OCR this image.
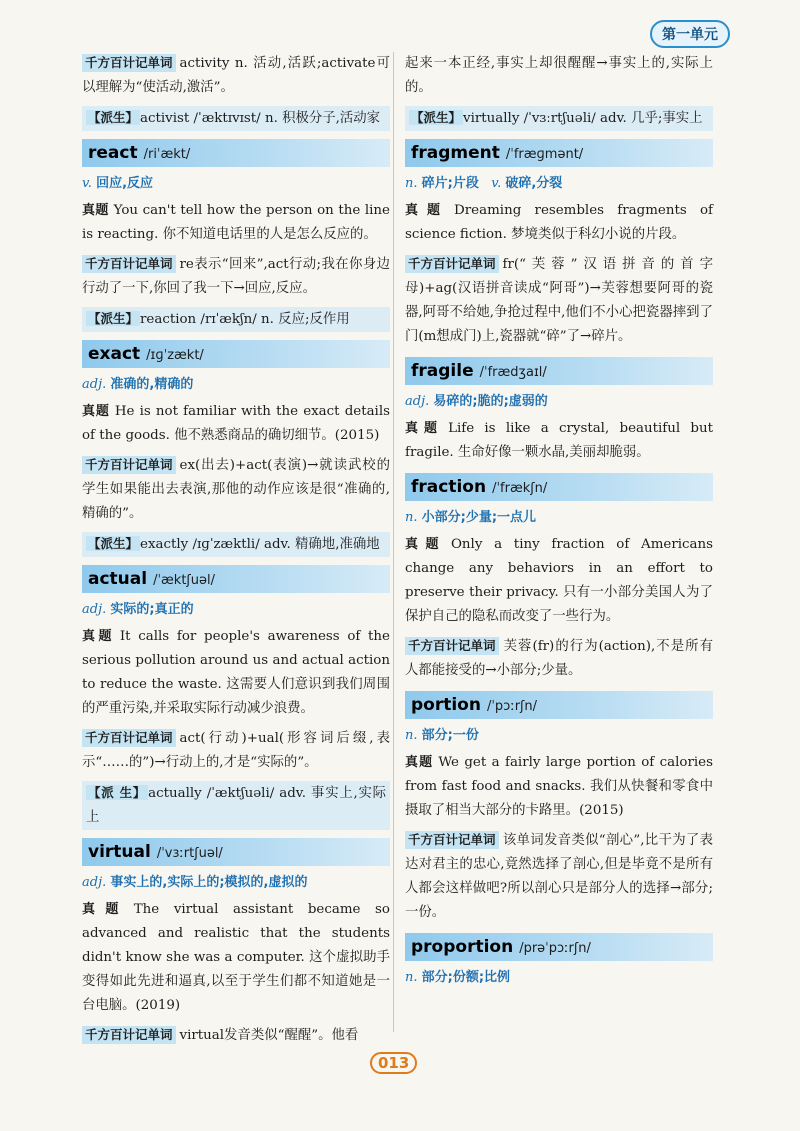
第一单元

千方百计记单词 activity n. 活动,活跃;activate可以理解为“使活动,激活”。

【派生】 activist /ˈæktɪvɪst/ n. 积极分子,活动家

react /riˈækt/
v. 回应,反应

真题 You can't tell how the person on the line is reacting. 你不知道电话里的人是怎么反应的。

千方百计记单词 re表示“回来”,act行动;我在你身边行动了一下,你回了我一下→回应,反应。

【派生】 reaction /rɪˈækʃn/ n. 反应;反作用

exact /ɪɡˈzækt/
adj. 准确的,精确的

真题 He is not familiar with the exact details of the goods. 他不熟悉商品的确切细节。(2015)

千方百计记单词 ex(出去)+act(表演)→就读武校的学生如果能出去表演,那他的动作应该是很“准确的,精确的”。

【派生】 exactly /ɪɡˈzæktli/ adv. 精确地,准确地

actual /ˈæktʃuəl/
adj. 实际的;真正的

真题 It calls for people's awareness of the serious pollution around us and actual action to reduce the waste. 这需要人们意识到我们周围的严重污染,并采取实际行动减少浪费。

千方百计记单词 act(行动)+ual(形容词后缀,表示“……的”)→行动上的,才是“实际的”。

【派 生】 actually /ˈæktʃuəli/ adv. 事实上,实际上

virtual /ˈvɜːrtʃuəl/
adj. 事实上的,实际上的;模拟的,虚拟的

真题 The virtual assistant became so advanced and realistic that the students didn't know she was a computer. 这个虚拟助手变得如此先进和逼真,以至于学生们都不知道她是一台电脑。(2019)

千方百计记单词 virtual发音类似“醒醒”。他看

起来一本正经,事实上却很醒醒→事实上的,实际上的。

【派生】 virtually /ˈvɜːrtʃuəli/ adv. 几乎;事实上

fragment /ˈfræɡmənt/
n. 碎片;片段 v. 破碎,分裂

真题 Dreaming resembles fragments of science fiction. 梦境类似于科幻小说的片段。

千方百计记单词 fr(“芙蓉”汉语拼音的首字母)+ag(汉语拼音读成“阿哥”)→芙蓉想要阿哥的瓷器,阿哥不给她,争抢过程中,他们不小心把瓷器摔到了门(m想成门)上,瓷器就“碎”了→碎片。

fragile /ˈfrædʒaɪl/
adj. 易碎的;脆的;虚弱的

真题 Life is like a crystal, beautiful but fragile. 生命好像一颗水晶,美丽却脆弱。

fraction /ˈfrækʃn/
n. 小部分;少量;一点儿

真题 Only a tiny fraction of Americans change any behaviors in an effort to preserve their privacy. 只有一小部分美国人为了保护自己的隐私而改变了一些行为。

千方百计记单词 芙蓉(fr)的行为(action),不是所有人都能接受的→小部分;少量。

portion /ˈpɔːrʃn/
n. 部分;一份

真题 We get a fairly large portion of calories from fast food and snacks. 我们从快餐和零食中摄取了相当大部分的卡路里。(2015)

千方百计记单词 该单词发音类似“剖心”,比干为了表达对君主的忠心,竟然选择了剖心,但是毕竟不是所有人都会这样做吧?所以剖心只是部分人的选择→部分;一份。

proportion /prəˈpɔːrʃn/
n. 部分;份额;比例
013
